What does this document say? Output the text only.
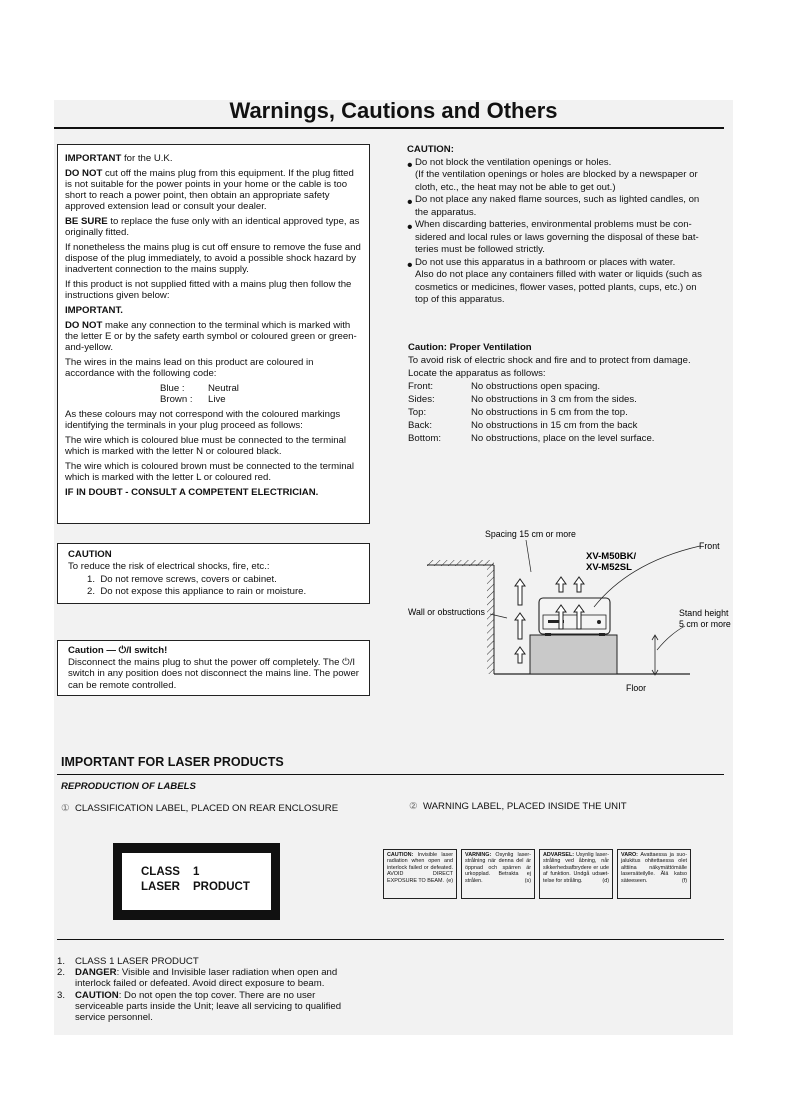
Warnings, Cautions and Others

IMPORTANT for the U.K.

DO NOT cut off the mains plug from this equipment. If the plug fitted is not suitable for the power points in your home or the cable is too short to reach a power point, then obtain an appropriate safety approved extension lead or consult your dealer.

BE SURE to replace the fuse only with an identical approved type, as originally fitted.

If nonetheless the mains plug is cut off ensure to remove the fuse and dispose of the plug immediately, to avoid a possible shock hazard by inadvertent connection to the mains supply.

If this product is not supplied fitted with a mains plug then follow the instructions given below:

IMPORTANT.

DO NOT make any connection to the terminal which is marked with the letter E or by the safety earth symbol or coloured green or green-and-yellow.

The wires in the mains lead on this product are coloured in accordance with the following code:

Blue :	Neutral
Brown :	Live

As these colours may not correspond with the coloured markings identifying the terminals in your plug proceed as follows:

The wire which is coloured blue must be connected to the terminal which is marked with the letter N or coloured black.

The wire which is coloured brown must be connected to the terminal which is marked with the letter L or coloured red.

IF IN DOUBT - CONSULT A COMPETENT ELECTRICIAN.

CAUTION
To reduce the risk of electrical shocks, fire, etc.:
1.  Do not remove screws, covers or cabinet.
2.  Do not expose this appliance to rain or moisture.
Caution — ⏻/I switch!
Disconnect the mains plug to shut the power off completely. The ⏻/I switch in any position does not disconnect the mains line. The power can be remote controlled.

CAUTION:

• Do not block the ventilation openings or holes.

(If the ventilation openings or holes are blocked by a newspaper or

cloth, etc., the heat may not be able to get out.)

• Do not place any naked flame sources, such as lighted candles, on

the apparatus.

• When discarding batteries, environmental problems must be con-

sidered and local rules or laws governing the disposal of these bat-

teries must be followed strictly.

• Do not use this apparatus in a bathroom or places with water.

Also do not place any containers filled with water or liquids (such as

cosmetics or medicines, flower vases, potted plants, cups, etc.) on

top of this apparatus.

Caution: Proper Ventilation

To avoid risk of electric shock and fire and to protect from damage.

Locate the apparatus as follows:

Front:	No obstructions open spacing.
Sides:	No obstructions in 3 cm from the sides.
Top:	No obstructions in 5 cm from the top.
Back:	No obstructions in 15 cm from the back
Bottom:	No obstructions, place on the level surface.
Spacing 15 cm or more
XV-M50BK/
XV-M52SL
Front
Wall or obstructions	Stand height
5 cm or more
Floor
IMPORTANT FOR LASER PRODUCTS
REPRODUCTION OF LABELS
① CLASSIFICATION LABEL, PLACED ON REAR ENCLOSURE	② WARNING LABEL, PLACED INSIDE THE UNIT
CLASS 1
LASER PRODUCT
CAUTION: Invisible laser radiation when open and interlock failed or defeated. AVOID DIRECT EXPOSURE TO BEAM. (e)
VARNING: Osynlig laser-strålning när denna del är öppnad och spärren är urkopplad. Betrakta ej strålen.	(s)
ADVARSEL: Usynlig laser-stråling ved åbning, når sikkerhedsafbrydere er ude af funktion. Undgå udsæt-telse for stråling.	(d)
VARO: Avattaessa ja suo-jalukitus ohitettaessa olet alttiina näkymättömälle lasersäteilylle. Älä katso säteeseen.	(f)

1. CLASS 1 LASER PRODUCT

2. DANGER: Visible and Invisible laser radiation when open and

interlock failed or defeated. Avoid direct exposure to beam.

3. CAUTION: Do not open the top cover. There are no user

serviceable parts inside the Unit; leave all servicing to qualified

service personnel.
